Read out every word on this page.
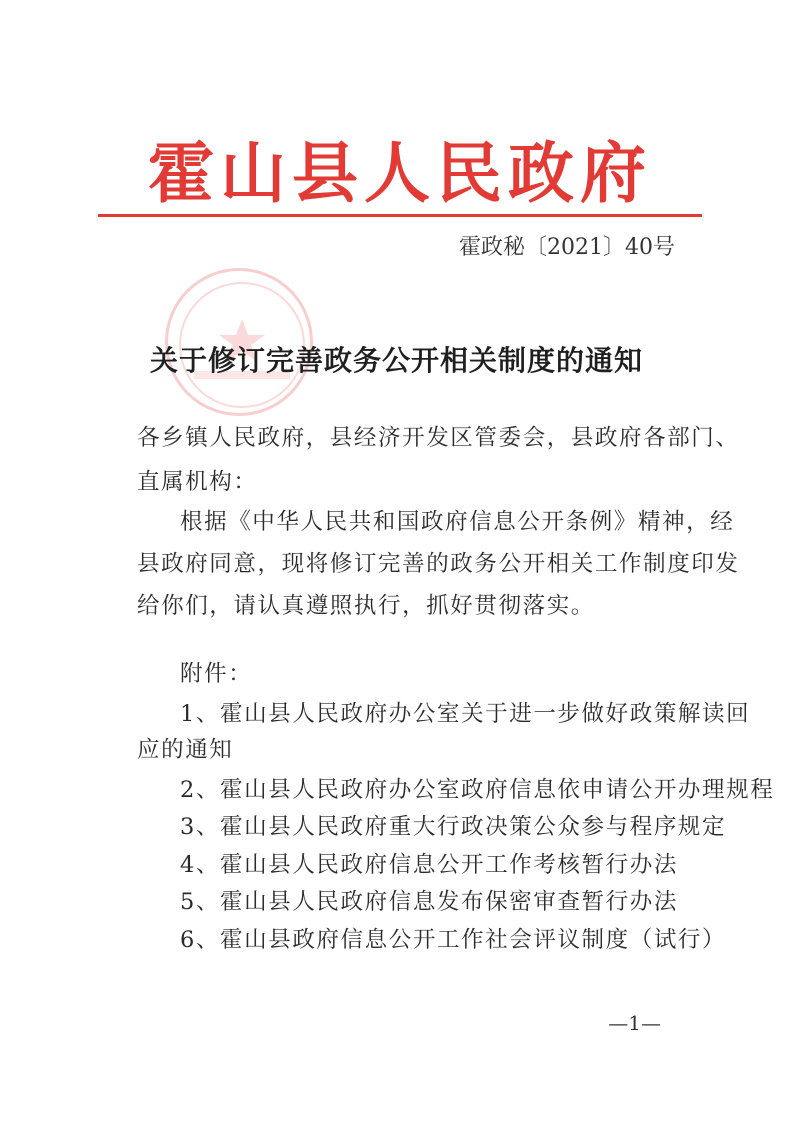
霍山县人民政府
霍政秘〔2021〕40号
关于修订完善政务公开相关制度的通知
各乡镇人民政府，县经济开发区管委会，县政府各部门、
直属机构：
根据《中华人民共和国政府信息公开条例》精神，经
县政府同意，现将修订完善的政务公开相关工作制度印发
给你们，请认真遵照执行，抓好贯彻落实。
附件：
1、霍山县人民政府办公室关于进一步做好政策解读回
应的通知
2、霍山县人民政府办公室政府信息依申请公开办理规程
3、霍山县人民政府重大行政决策公众参与程序规定
4、霍山县人民政府信息公开工作考核暂行办法
5、霍山县人民政府信息发布保密审查暂行办法
6、霍山县政府信息公开工作社会评议制度（试行）
—1—
